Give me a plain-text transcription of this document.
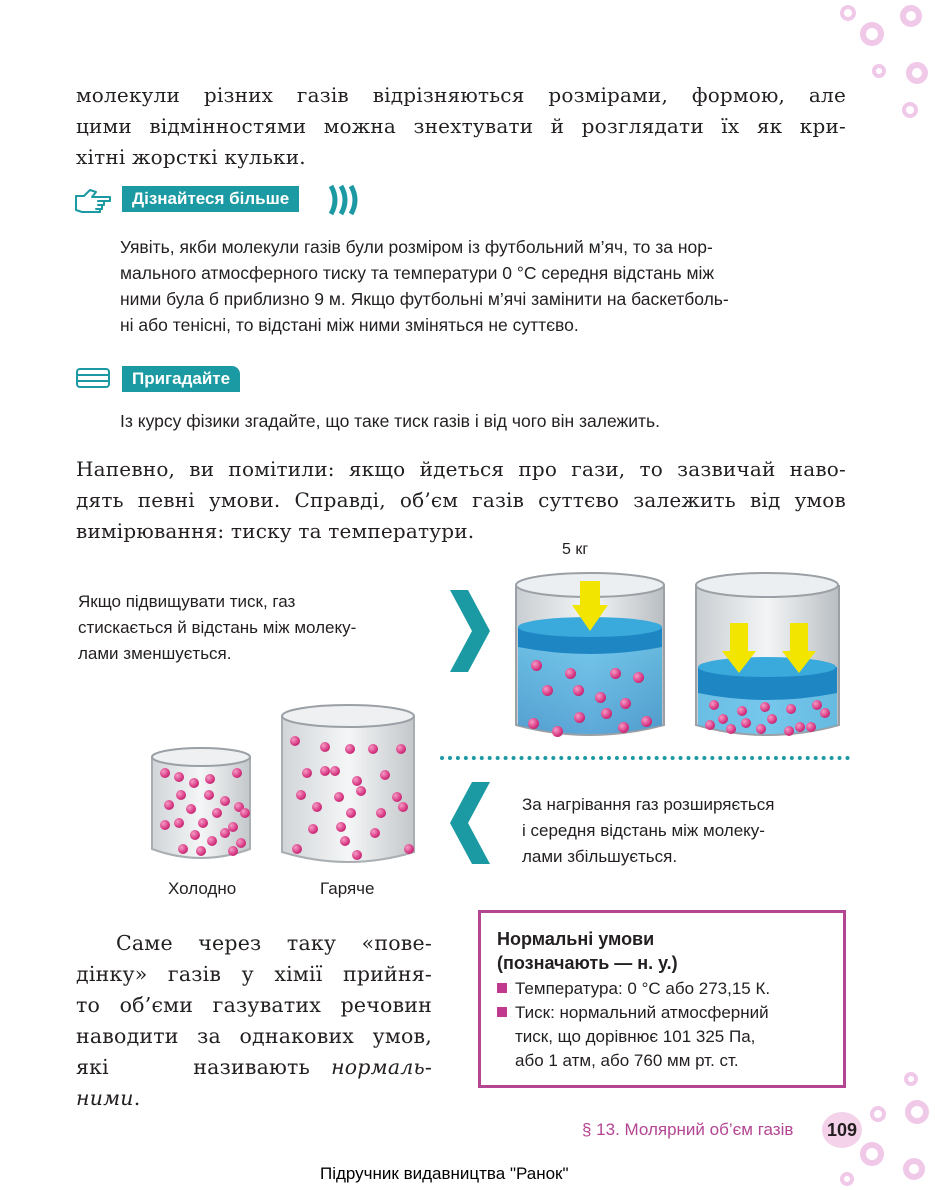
молекули різних газів відрізняються розмірами, формою, але
цими відмінностями можна знехтувати й розглядати їх як кри-
хітні жорсткі кульки.
Дізнайтеся більше
Уявіть, якби молекули газів були розміром із футбольний м’яч, то за нор-
мального атмосферного тиску та температури 0 °С середня відстань між
ними була б приблизно 9 м. Якщо футбольні м’ячі замінити на баскетболь-
ні або тенісні, то відстані між ними зміняться не суттєво.
Пригадайте
Із курсу фізики згадайте, що таке тиск газів і від чого він залежить.
Напевно, ви помітили: якщо йдеться про гази, то зазвичай наво-
дять певні умови. Справді, об’єм газів суттєво залежить від умов
вимірювання: тиску та температури.
5 кг
Якщо підвищувати тиск, газ
стискається й відстань між молеку-
лами зменшується.
Холодно	Гаряче
За нагрівання газ розширяється
і середня відстань між молеку-
лами збільшується.
Саме через таку «пове-
дінку» газів у хімії прийня-
то об’єми газуватих речовин
наводити за однакових умов,
які    називають нормаль-
ними.
Нормальні умови
(позначають — н. у.)
Температура: 0 °С або 273,15 К.
Тиск: нормальний атмосферний
тиск, що дорівнює 101 325 Па,
або 1 атм, або 760 мм рт. ст.
§ 13. Молярний об’єм газів 109
Підручник видавництва "Ранок"
